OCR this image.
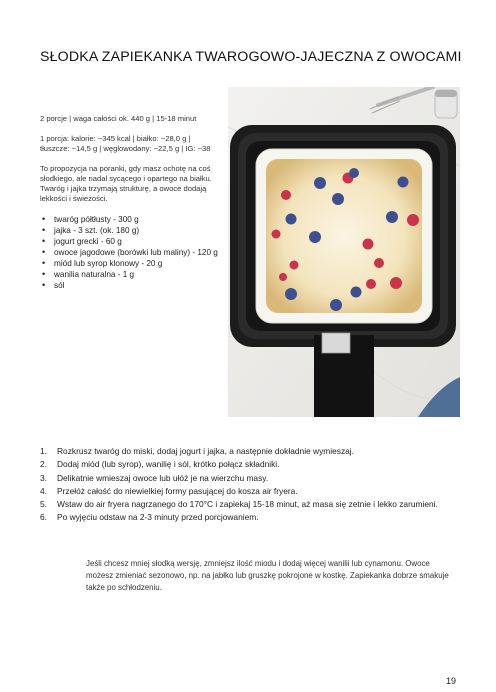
SŁODKA ZAPIEKANKA TWAROGOWO-JAJECZNA Z OWOCAMI

2 porcje | waga całości ok. 440 g | 15-18 minut

1 porcja: kalorie: ~345 kcal | białko: ~28,0 g | tłuszcze: ~14,5 g | węglowodany: ~22,5 g | IG: ~38

To propozycja na poranki, gdy masz ochotę na coś słodkiego, ale nadal sycącego i opartego na białku. Twaróg i jajka trzymają strukturę, a owoce dodają lekkości i świeżości.

• twaróg półtłusty - 300 g
• jajka - 3 szt. (ok. 180 g)
• jogurt grecki - 60 g
• owoce jagodowe (borówki lub maliny) - 120 g
• miód lub syrop klonowy - 20 g
• wanilia naturalna - 1 g
• sól
1. Rozkrusz twaróg do miski, dodaj jogurt i jajka, a następnie dokładnie wymieszaj.
2. Dodaj miód (lub syrop), wanilię i sól, krótko połącz składniki.
3. Delikatnie wmieszaj owoce lub ułóż je na wierzchu masy.
4. Przełóż całość do niewielkiej formy pasującej do kosza air fryera.
5. Wstaw do air fryera nagrzanego do 170°C i zapiekaj 15-18 minut, aż masa się zetnie i lekko zarumieni.
6. Po wyjęciu odstaw na 2-3 minuty przed porcjowaniem.
Jeśli chcesz mniej słodką wersję, zmniejsz ilość miodu i dodaj więcej wanilii lub cynamonu. Owoce możesz zmieniać sezonowo, np. na jabłko lub gruszkę pokrojone w kostkę. Zapiekanka dobrze smakuje także po schłodzeniu.
19
